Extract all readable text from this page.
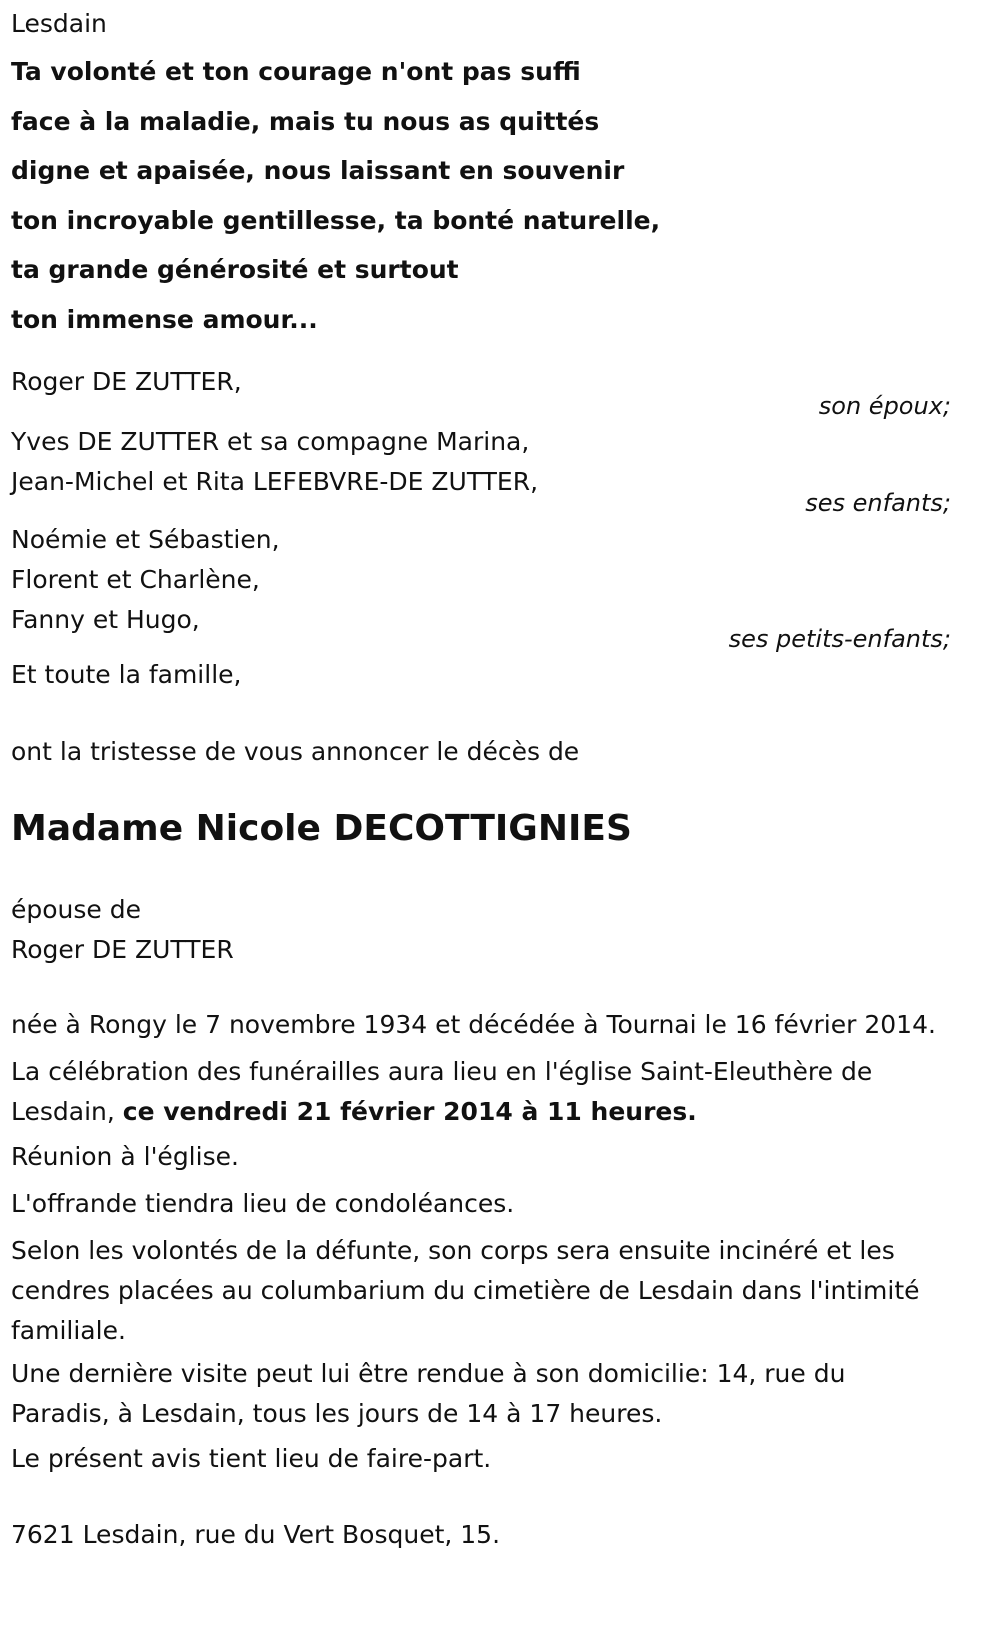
Lesdain
Ta volonté et ton courage n'ont pas suffi
face à la maladie, mais tu nous as quittés
digne et apaisée, nous laissant en souvenir
ton incroyable gentillesse, ta bonté naturelle,
ta grande générosité et surtout
ton immense amour...
Roger DE ZUTTER,
son époux;
Yves DE ZUTTER et sa compagne Marina,
Jean-Michel et Rita LEFEBVRE-DE ZUTTER,
ses enfants;
Noémie et Sébastien,
Florent et Charlène,
Fanny et Hugo,
ses petits-enfants;
Et toute la famille,
ont la tristesse de vous annoncer le décès de
Madame Nicole DECOTTIGNIES
épouse de
Roger DE ZUTTER
née à Rongy le 7 novembre 1934 et décédée à Tournai le 16 février 2014.
La célébration des funérailles aura lieu en l'église Saint-Eleuthère de Lesdain, ce vendredi 21 février 2014 à 11 heures.
Réunion à l'église.
L'offrande tiendra lieu de condoléances.
Selon les volontés de la défunte, son corps sera ensuite inciné​ré et les cendres placées au columbarium du cimetière de Lesdain dans l'intimité familiale.
Une dernière visite peut lui être rendue à son domicilie: 14, rue du Paradis, à Lesdain, tous les jours de 14 à 17 heures.
Le présent avis tient lieu de faire-part.
7621 Lesdain, rue du Vert Bosquet, 15.
